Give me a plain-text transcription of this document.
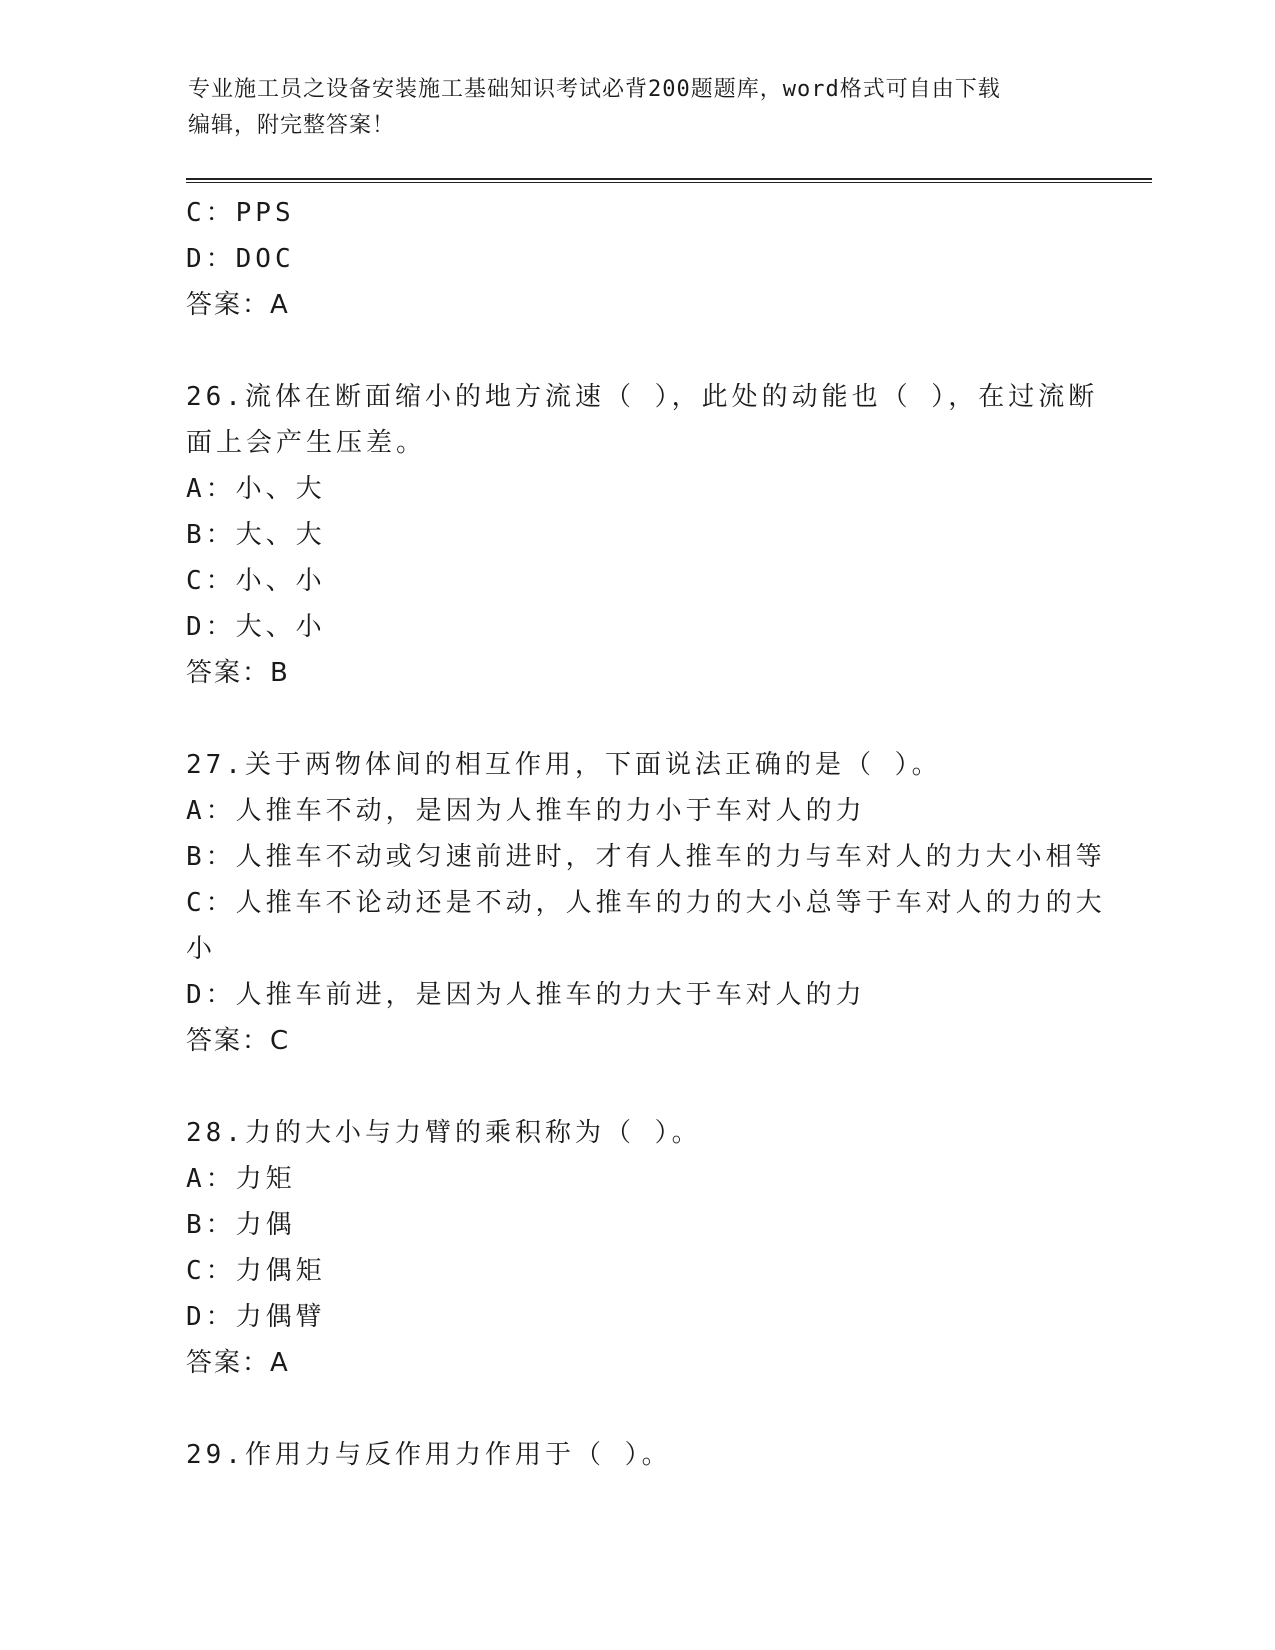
专业施工员之设备安装施工基础知识考试必背200题题库，word格式可自由下载
编辑，附完整答案！
C：PPS
D：DOC
答案：A
26.流体在断面缩小的地方流速（ ），此处的动能也（ ），在过流断
面上会产生压差。
A：小、大
B：大、大
C：小、小
D：大、小
答案：B
27.关于两物体间的相互作用，下面说法正确的是（ ）。
A：人推车不动，是因为人推车的力小于车对人的力
B：人推车不动或匀速前进时，才有人推车的力与车对人的力大小相等
C：人推车不论动还是不动，人推车的力的大小总等于车对人的力的大
小
D：人推车前进，是因为人推车的力大于车对人的力
答案：C
28.力的大小与力臂的乘积称为（ ）。
A：力矩
B：力偶
C：力偶矩
D：力偶臂
答案：A
29.作用力与反作用力作用于（ ）。
